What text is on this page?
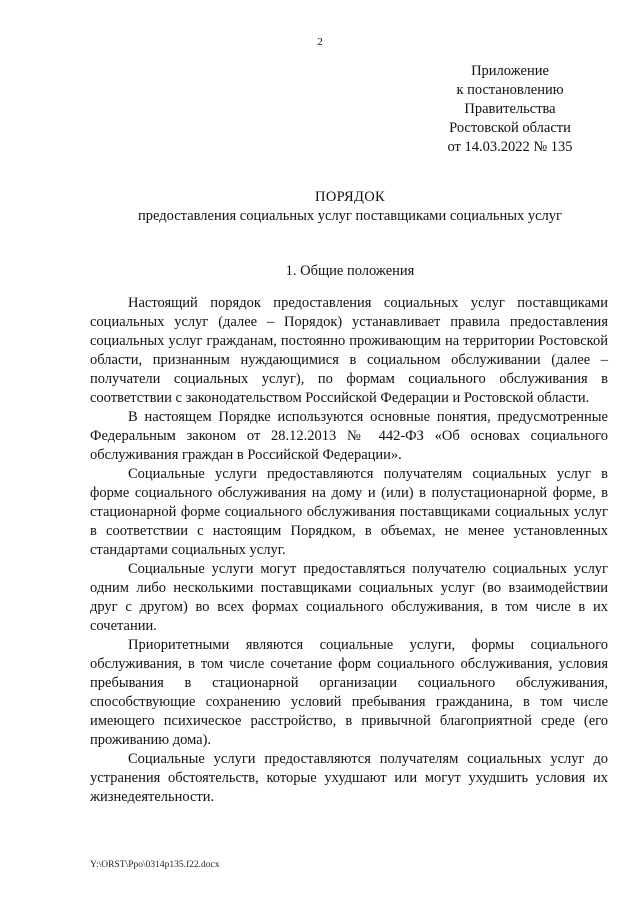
2
Приложение
к постановлению
Правительства
Ростовской области
от 14.03.2022 № 135
ПОРЯДОК
предоставления социальных услуг поставщиками социальных услуг
1. Общие положения

Настоящий порядок предоставления социальных услуг поставщиками социальных услуг (далее – Порядок) устанавливает правила предоставления социальных услуг гражданам, постоянно проживающим на территории Ростовской области, признанным нуждающимися в социальном обслуживании (далее – получатели социальных услуг), по формам социального обслуживания в соответствии с законодательством Российской Федерации и Ростовской области.

В настоящем Порядке используются основные понятия, предусмотренные Федеральным законом от 28.12.2013 № 442-ФЗ «Об основах социального обслуживания граждан в Российской Федерации».

Социальные услуги предоставляются получателям социальных услуг в форме социального обслуживания на дому и (или) в полустационарной форме, в стационарной форме социального обслуживания поставщиками социальных услуг в соответствии с настоящим Порядком, в объемах, не менее установленных стандартами социальных услуг.

Социальные услуги могут предоставляться получателю социальных услуг одним либо несколькими поставщиками социальных услуг (во взаимодействии друг с другом) во всех формах социального обслуживания, в том числе в их сочетании.

Приоритетными являются социальные услуги, формы социального обслуживания, в том числе сочетание форм социального обслуживания, условия пребывания в стационарной организации социального обслуживания, способствующие сохранению условий пребывания гражданина, в том числе имеющего психическое расстройство, в привычной благоприятной среде (его проживанию дома).

Социальные услуги предоставляются получателям социальных услуг до устранения обстоятельств, которые ухудшают или могут ухудшить условия их жизнедеятельности.

Y:\ORST\Ppo\0314p135.f22.docx
